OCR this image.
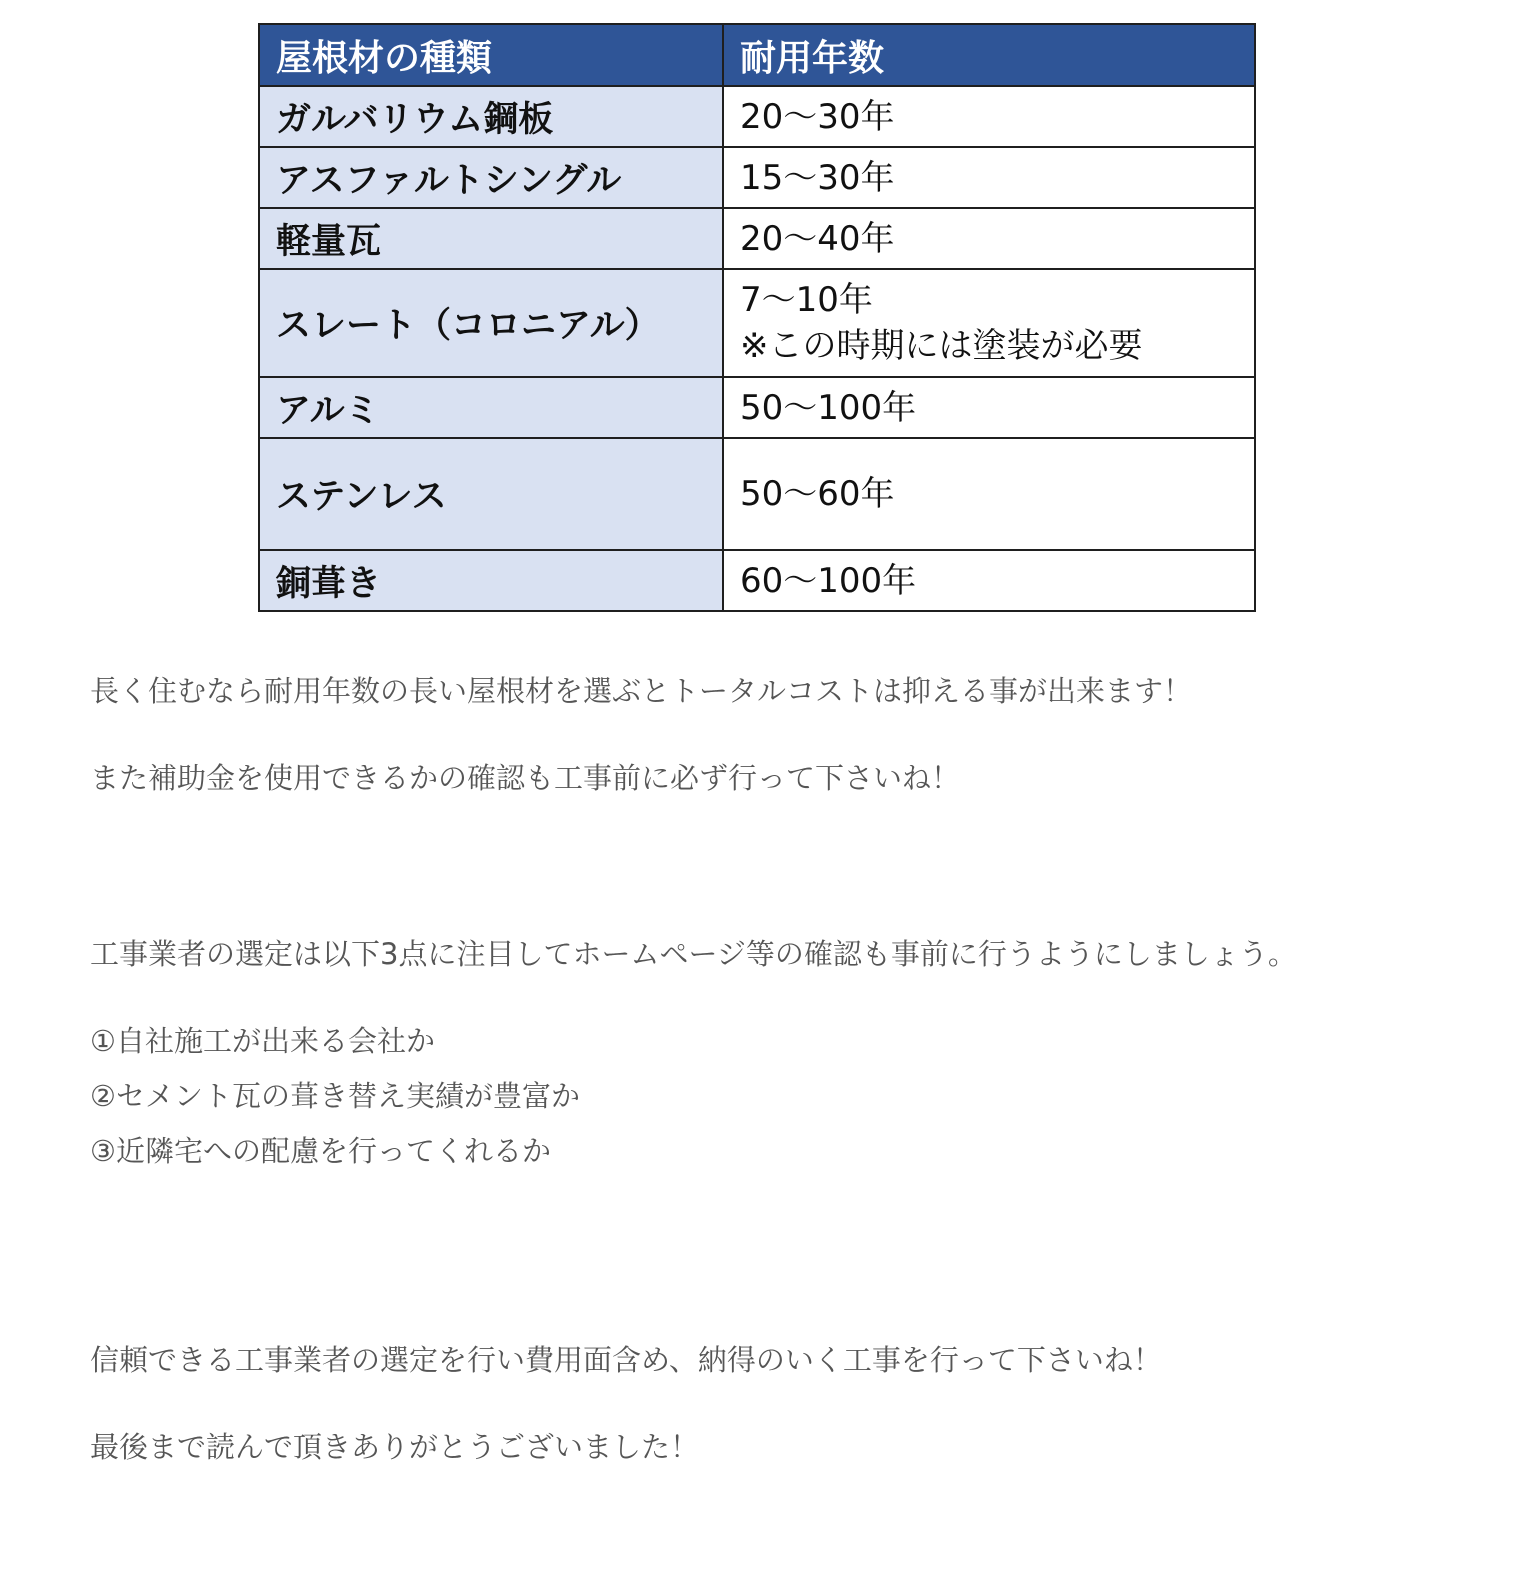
屋根材の種類	耐用年数
ガルバリウム鋼板	20〜30年
アスファルトシングル	15〜30年
軽量瓦	20〜40年
スレート（コロニアル）	7〜10年
※この時期には塗装が必要

アルミ	50〜100年
ステンレス	50〜60年
銅葺き	60〜100年

長く住むなら耐用年数の長い屋根材を選ぶとトータルコストは抑える事が出来ます！

また補助金を使用できるかの確認も工事前に必ず行って下さいね！

工事業者の選定は以下3点に注目してホームページ等の確認も事前に行うようにしましょう。

①自社施工が出来る会社か
②セメント瓦の葺き替え実績が豊富か
③近隣宅への配慮を行ってくれるか

信頼できる工事業者の選定を行い費用面含め、納得のいく工事を行って下さいね！

最後まで読んで頂きありがとうございました！
